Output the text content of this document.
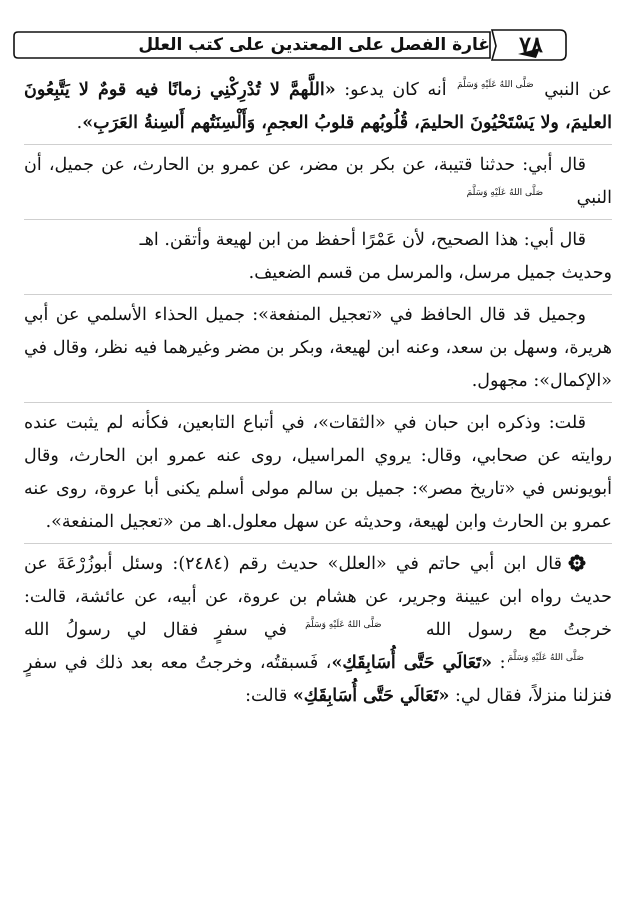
غارة الفصل على المعتدين على كتب العلل	٧٨

عن النبي صَلَّى اللهُ عَلَيْهِ وَسَلَّمَ أنه كان يدعو: «اللَّهمَّ لا تُدْرِكْنِي زمانًا فيه قومٌ لا يَتَّبِعُونَ العليمَ، ولا يَسْتَحْيُونَ الحليمَ، قُلُوبُهم قلوبُ العجمِ، وَأَلْسِنَتُهم أَلسِنةُ العَرَبِ».

قال أبي: حدثنا قتيبة، عن بكر بن مضر، عن عمرو بن الحارث، عن جميل، أن النبي صَلَّى اللهُ عَلَيْهِ وَسَلَّمَ

قال أبي: هذا الصحيح، لأن عَمْرًا أحفظ من ابن لهيعة وأتقن. اهـ

وحديث جميل مرسل، والمرسل من قسم الضعيف.

وجميل قد قال الحافظ في «تعجيل المنفعة»: جميل الحذاء الأسلمي عن أبي هريرة، وسهل بن سعد، وعنه ابن لهيعة، وبكر بن مضر وغيرهما فيه نظر، وقال في «الإكمال»: مجهول.

قلت: وذكره ابن حبان في «الثقات»، في أتباع التابعين، فكأنه لم يثبت عنده روايته عن صحابي، وقال: يروي المراسيل، روى عنه عمرو ابن الحارث، وقال أبويونس في «تاريخ مصر»: جميل بن سالم مولى أسلم يكنى أبا عروة، روى عنه عمرو بن الحارث وابن لهيعة، وحديثه عن سهل معلول.اهـ من «تعجيل المنفعة».

قال ابن أبي حاتم في «العلل» حديث رقم (٢٤٨٤): وسئل أبوزُرْعَةَ عن حديث رواه ابن عيينة وجرير، عن هشام بن عروة، عن أبيه، عن عائشة، قالت: خرجتُ مع رسول الله صَلَّى اللهُ عَلَيْهِ وَسَلَّمَ في سفرٍ فقال لي رسولُ الله صَلَّى اللهُ عَلَيْهِ وَسَلَّمَ: «تَعَالَي حَتَّى أُسَابِقَكِ»، فَسبقتُه، وخرجتُ معه بعد ذلك في سفرٍ فنزلنا منزلاً، فقال لي: «تَعَالَي حَتَّى أُسَابِقَكِ» قالت:
